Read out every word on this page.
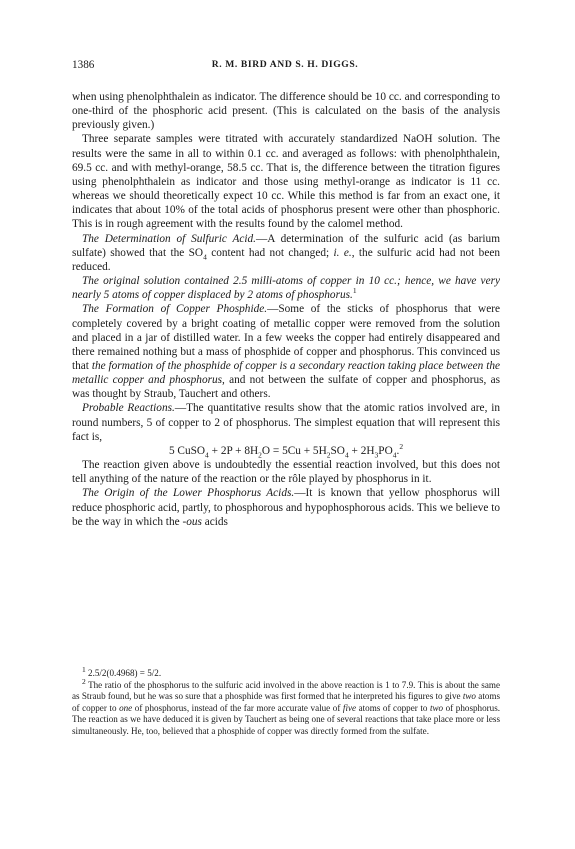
1386	R. M. BIRD AND S. H. DIGGS.

when using phenolphthalein as indicator. The difference should be 10 cc. and corresponding to one-third of the phosphoric acid present. (This is calculated on the basis of the analysis previously given.)

Three separate samples were titrated with accurately standardized NaOH solution. The results were the same in all to within 0.1 cc. and averaged as follows: with phenolphthalein, 69.5 cc. and with methyl-orange, 58.5 cc. That is, the difference between the titration figures using phenolphthalein as indicator and those using methyl-orange as indicator is 11 cc. whereas we should theoretically expect 10 cc. While this method is far from an exact one, it indicates that about 10% of the total acids of phosphorus present were other than phosphoric. This is in rough agreement with the results found by the calomel method.

The Determination of Sulfuric Acid.—A determination of the sulfuric acid (as barium sulfate) showed that the $SO_4$ content had not changed; i. e., the sulfuric acid had not been reduced.

The original solution contained 2.5 milli-atoms of copper in 10 cc.; hence, we have very nearly 5 atoms of copper displaced by 2 atoms of phosphorus.$^1$

The Formation of Copper Phosphide.—Some of the sticks of phosphorus that were completely covered by a bright coating of metallic copper were removed from the solution and placed in a jar of distilled water. In a few weeks the copper had entirely disappeared and there remained nothing but a mass of phosphide of copper and phosphorus. This convinced us that the formation of the phosphide of copper is a secondary reaction taking place between the metallic copper and phosphorus, and not between the sulfate of copper and phosphorus, as was thought by Straub, Tauchert and others.

Probable Reactions.—The quantitative results show that the atomic ratios involved are, in round numbers, 5 of copper to 2 of phosphorus. The simplest equation that will represent this fact is,

5 CuSO$_4$ + $2P + 8H_2O = 5Cu + 5H_2SO_4 + 2H_3PO_4.^2$

The reaction given above is undoubtedly the essential reaction involved, but this does not tell anything of the nature of the reaction or the rôle played by phosphorus in it.

The Origin of the Lower Phosphorus Acids.—It is known that yellow phosphorus will reduce phosphoric acid, partly, to phosphorous and hypophosphorous acids. This we believe to be the way in which the -ous acids

$^1$ 2.5/2(0.4968) = 5/2.

$^2$ The ratio of the phosphorus to the sulfuric acid involved in the above reaction is 1 to 7.9. This is about the same as Straub found, but he was so sure that a phosphide was first formed that he interpreted his figures to give two atoms of copper to one of phosphorus, instead of the far more accurate value of five atoms of copper to two of phosphorus. The reaction as we have deduced it is given by Tauchert as being one of several reactions that take place more or less simultaneously. He, too, believed that a phosphide of copper was directly formed from the sulfate.
